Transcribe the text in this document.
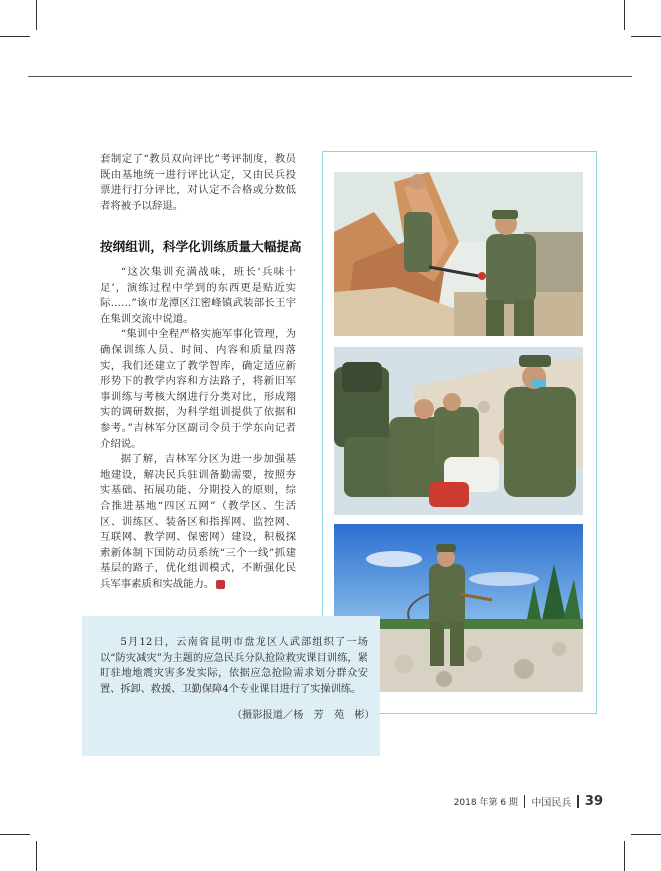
套制定了“教员双向评比”考评制度，教员既由基地统一进行评比认定，又由民兵投票进行打分评比，对认定不合格或分数低者将被予以辞退。

按纲组训，科学化训练质量大幅提高

“这次集训充满战味，班长‘兵味十足’，演练过程中学到的东西更是贴近实际……”该市龙潭区江密峰镇武装部长王宇在集训交流中说道。

“集训中全程严格实施军事化管理，为确保训练人员、时间、内容和质量四落实，我们还建立了教学智库，确定适应新形势下的教学内容和方法路子，将新旧军事训练与考核大纲进行分类对比，形成翔实的调研数据，为科学组训提供了依据和参考。”吉林军分区副司令员于学东向记者介绍说。

据了解，吉林军分区为进一步加强基地建设，解决民兵驻训备勤需要，按照夯实基础、拓展功能、分期投入的原则，综合推进基地“四区五网”（教学区、生活区、训练区、装备区和指挥网、监控网、互联网、教学网、保密网）建设，积极探索新体制下国防动员系统“三个一线”抓建基层的路子，优化组训模式，不断强化民兵军事素质和实战能力。	员

5月12日，云南省昆明市盘龙区人武部组织了一场以“防灾减灾”为主题的应急民兵分队抢险救灾课目训练，紧盯驻地地震灾害多发实际，依据应急抢险需求划分群众安置、拆卸、救援、卫勤保障4个专业课目进行了实操训练。

（摄影报道／杨　芳　苑　彬）
2018 年第 6 期 中国民兵 39
